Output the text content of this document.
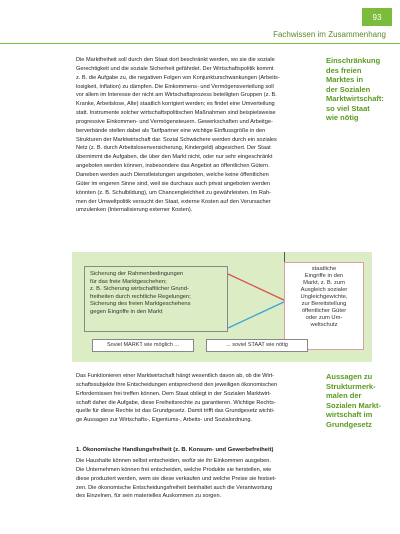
93
Fachwissen im Zusammenhang
Die Marktfreiheit soll durch den Staat dort beschränkt werden, wo sie die soziale
Gerechtigkeit und die soziale Sicherheit gefährdet. Der Wirtschaftspolitik kommt
z. B. die Aufgabe zu, die negativen Folgen von Konjunkturschwankungen (Arbeits-
losigkeit, Inflation) zu dämpfen. Die Einkommens- und Vermögensverteilung soll
vor allem im Interesse der nicht am Wirtschaftsprozess beteiligten Gruppen (z. B.
Kranke, Arbeitslose, Alte) staatlich korrigiert werden; es findet eine Umverteilung
statt. Instrumente solcher wirtschaftspolitischen Maßnahmen sind beispielsweise
progressive Einkommen- und Vermögensteuern. Gewerkschaften und Arbeitge-
berverbände stellen dabei als Tarifpartner eine wichtige Einflussgröße in den
Strukturen der Marktwirtschaft dar. Sozial Schwächere werden durch ein soziales
Netz (z. B. durch Arbeitslosenversicherung, Kindergeld) abgesichert. Der Staat
übernimmt die Aufgaben, die über den Markt nicht, oder nur sehr eingeschränkt
angeboten werden können, insbesondere das Angebot an öffentlichen Gütern.
Daneben werden auch Dienstleistungen angeboten, welche keine öffentlichen
Güter im engeren Sinne sind, weil sie durchaus auch privat angeboten werden
könnten (z. B. Schulbildung), um Chancengleichheit zu gewährleisten. Im Rah-
men der Umweltpolitik versucht der Staat, externe Kosten auf den Verursacher
umzulenken (Internalisierung externer Kosten).
Einschränkung
des freien
Marktes in
der Sozialen
Marktwirtschaft:
so viel Staat
wie nötig
Sicherung der Rahmenbedingungen
für das freie Marktgeschehen;
z. B. Sicherung wirtschaftlicher Grund-
freiheiten durch rechtliche Regelungen;
Sicherung des freien Marktgeschehens
gegen Eingriffe in den Markt
staatliche
Eingriffe in den
Markt, z. B. zum
Ausgleich sozialer
Ungleichgewichte,
zur Bereitstellung
öffentlicher Güter
oder zum Um-
weltschutz
Soviel MARKT wie möglich ...	... soviel STAAT wie nötig
Das Funktionieren einer Marktwirtschaft hängt wesentlich davon ab, ob die Wirt-
schaftssubjekte ihre Entscheidungen entsprechend den jeweiligen ökonomischen
Erfordernissen frei treffen können. Dem Staat obliegt in der Sozialen Marktwirt-
schaft daher die Aufgabe, diese Freiheitsrechte zu garantieren. Wichtige Rechts-
quelle für diese Rechte ist das Grundgesetz. Damit trifft das Grundgesetz wichti-
ge Aussagen zur Wirtschafts-, Eigentums-, Arbeits- und Sozialordnung.
Aussagen zu
Strukturmerk-
malen der
Sozialen Markt-
wirtschaft im
Grundgesetz
1. Ökonomische Handlungsfreiheit (z. B. Konsum- und Gewerbefreiheit)
Die Haushalte können selbst entscheiden, wofür sie ihr Einkommen ausgeben.
Die Unternehmen können frei entscheiden, welche Produkte sie herstellen, wie
diese produziert werden, wem sie diese verkaufen und welche Preise sie festset-
zen. Die ökonomische Entscheidungsfreiheit beinhaltet auch die Verantwortung
des Einzelnen, für sein materielles Auskommen zu sorgen.
